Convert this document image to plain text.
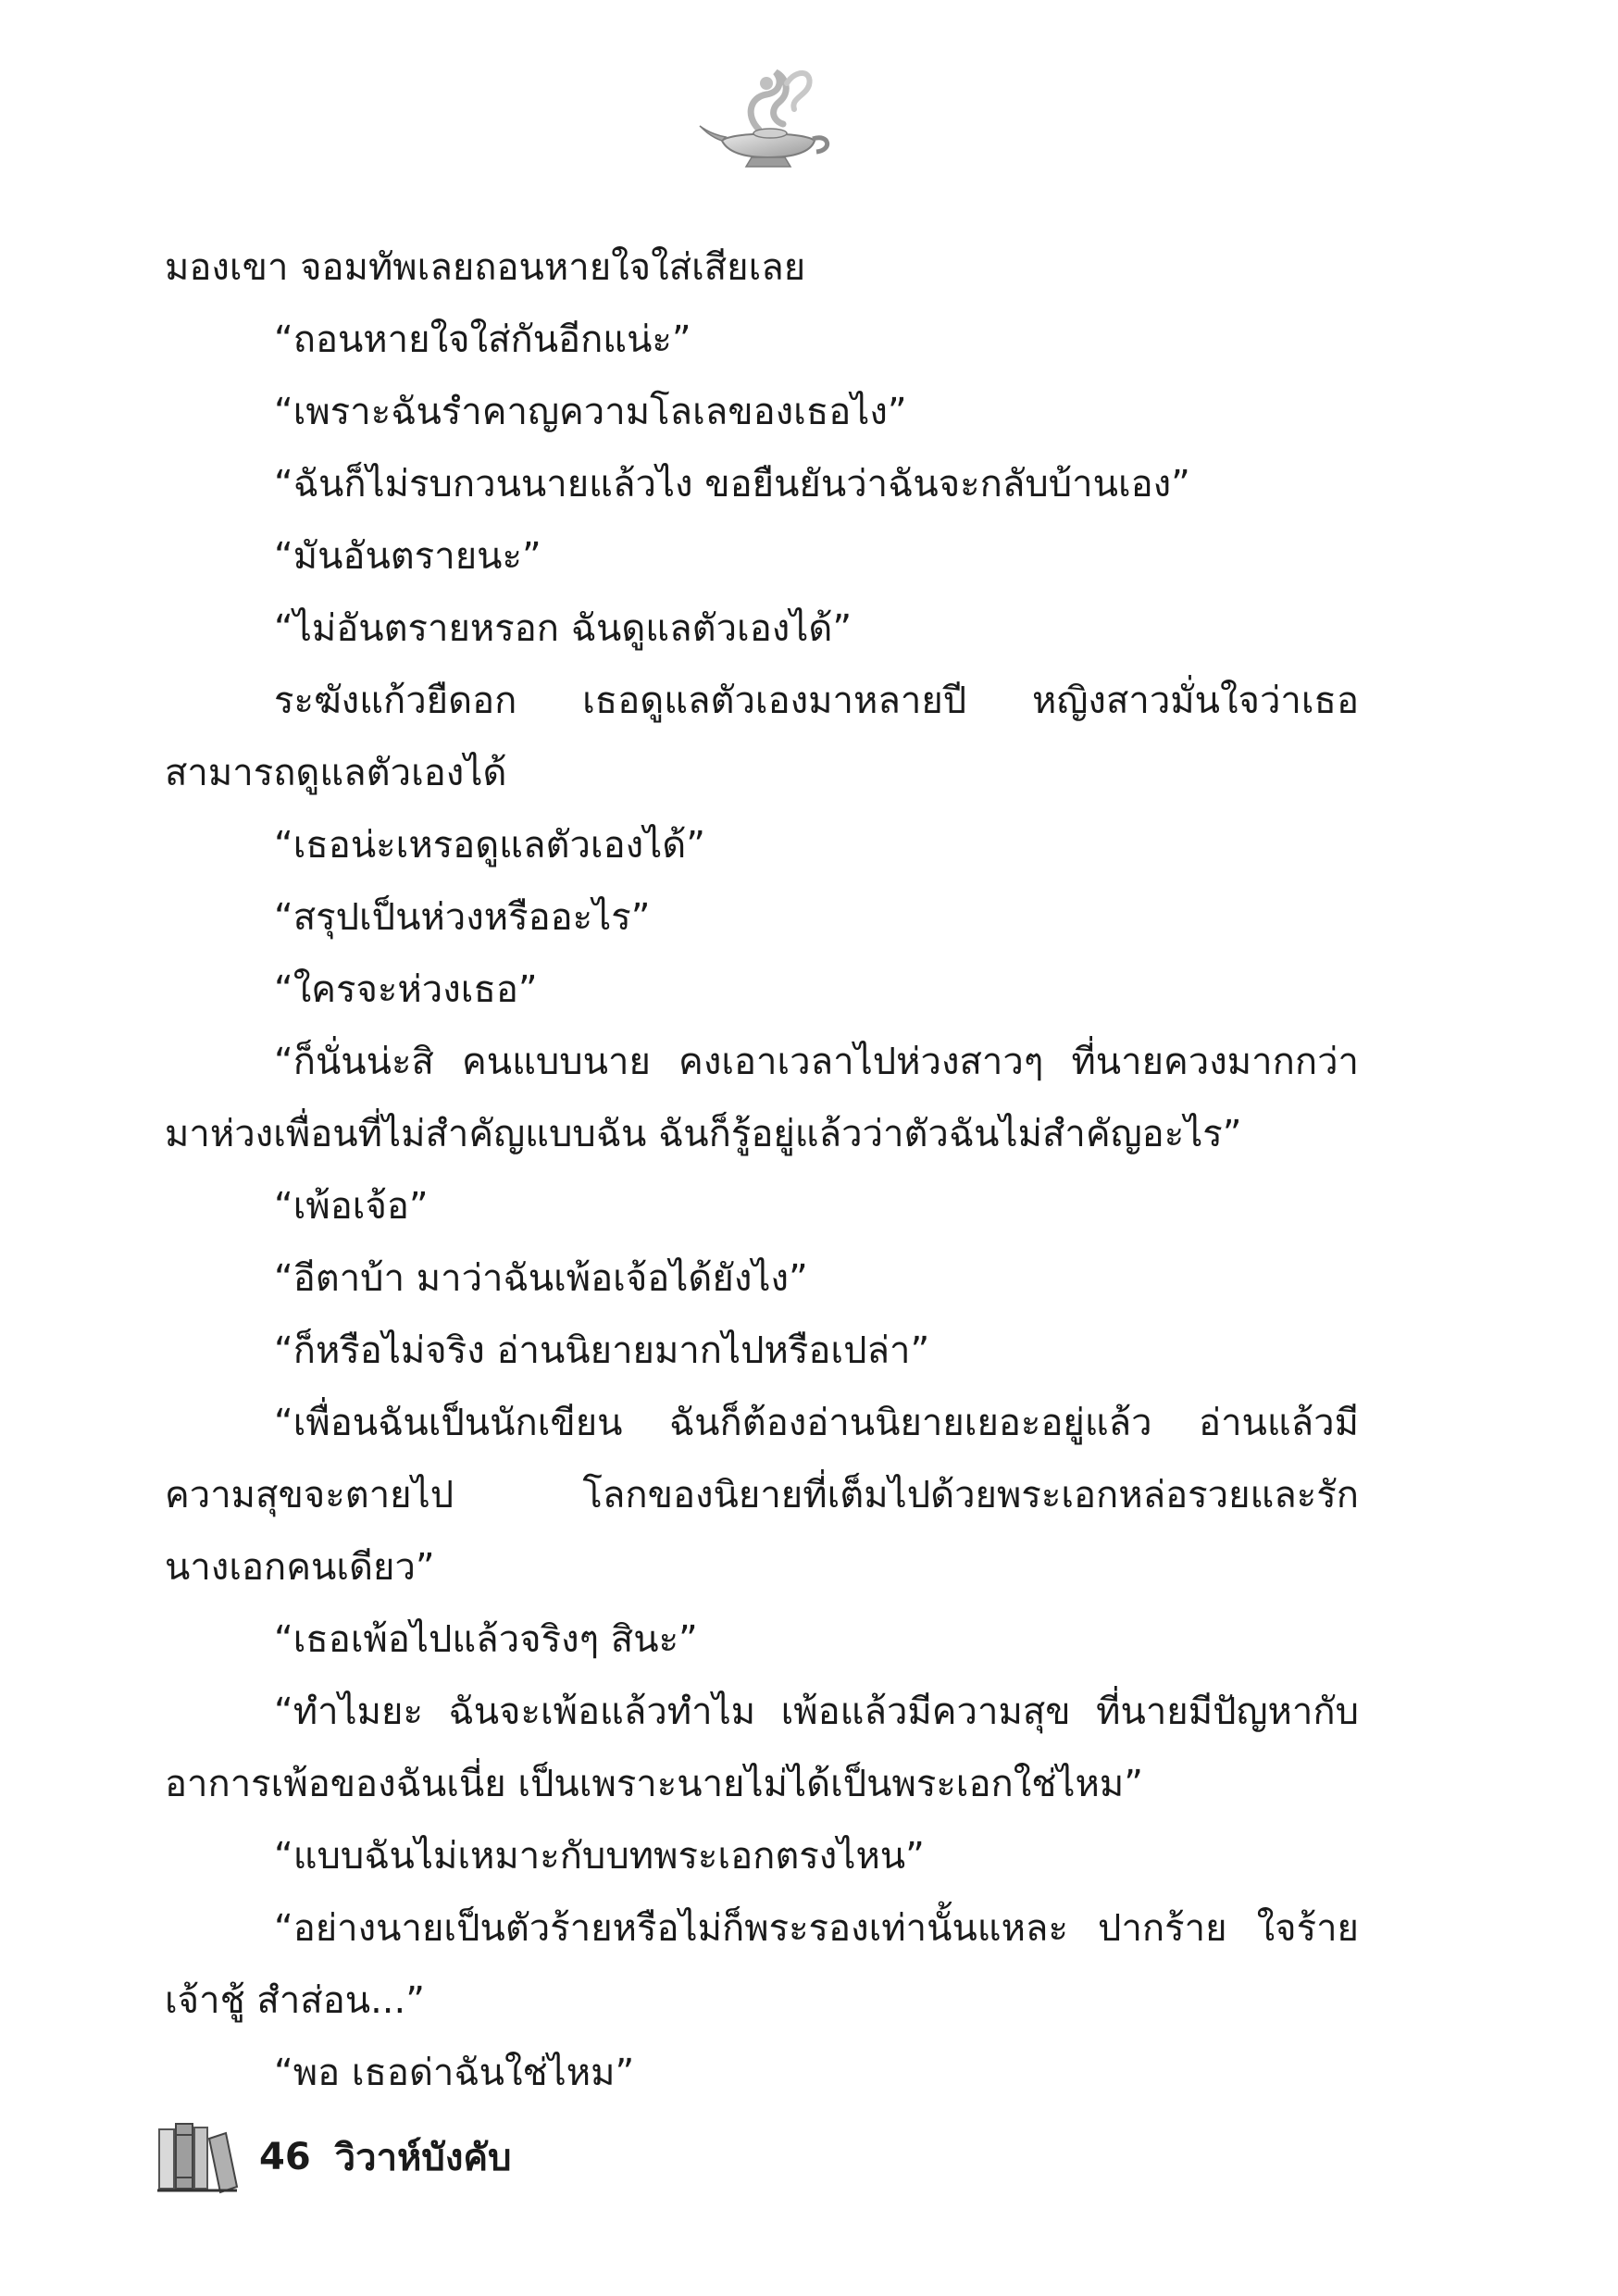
มองเขา จอมทัพเลยถอนหายใจใส่เสียเลย

“ถอนหายใจใส่กันอีกแน่ะ”

“เพราะฉันรำคาญความโลเลของเธอไง”

“ฉันก็ไม่รบกวนนายแล้วไง ขอยืนยันว่าฉันจะกลับบ้านเอง”

“มันอันตรายนะ”

“ไม่อันตรายหรอก ฉันดูแลตัวเองได้”

ระฆังแก้วยืดอก เธอดูแลตัวเองมาหลายปี หญิงสาวมั่นใจว่าเธอ

สามารถดูแลตัวเองได้

“เธอน่ะเหรอดูแลตัวเองได้”

“สรุปเป็นห่วงหรืออะไร”

“ใครจะห่วงเธอ”

“ก็นั่นน่ะสิ คนแบบนาย คงเอาเวลาไปห่วงสาวๆ ที่นายควงมากกว่า

มาห่วงเพื่อนที่ไม่สำคัญแบบฉัน ฉันก็รู้อยู่แล้วว่าตัวฉันไม่สำคัญอะไร”

“เพ้อเจ้อ”

“อีตาบ้า มาว่าฉันเพ้อเจ้อได้ยังไง”

“ก็หรือไม่จริง อ่านนิยายมากไปหรือเปล่า”

“เพื่อนฉันเป็นนักเขียน ฉันก็ต้องอ่านนิยายเยอะอยู่แล้ว อ่านแล้วมี

ความสุขจะตายไป โลกของนิยายที่เต็มไปด้วยพระเอกหล่อรวยและรัก

นางเอกคนเดียว”

“เธอเพ้อไปแล้วจริงๆ สินะ”

“ทำไมยะ ฉันจะเพ้อแล้วทำไม เพ้อแล้วมีความสุข ที่นายมีปัญหากับ

อาการเพ้อของฉันเนี่ย เป็นเพราะนายไม่ได้เป็นพระเอกใช่ไหม”

“แบบฉันไม่เหมาะกับบทพระเอกตรงไหน”

“อย่างนายเป็นตัวร้ายหรือไม่ก็พระรองเท่านั้นแหละ ปากร้าย ใจร้าย

เจ้าชู้ สำส่อน...”

“พอ เธอด่าฉันใช่ไหม”

46 วิวาห์บังคับ
